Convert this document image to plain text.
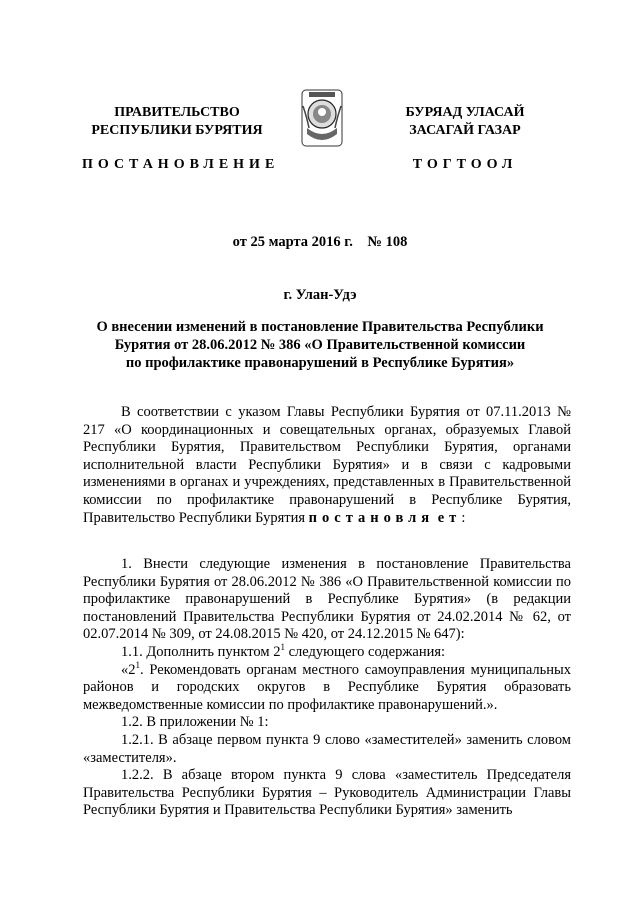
ПРАВИТЕЛЬСТВО
РЕСПУБЛИКИ БУРЯТИЯ
ПОСТАНОВЛЕНИЕ
БУРЯАД УЛАСАЙ
ЗАСАГАЙ ГАЗАР
ТОГТООЛ
от 25 марта 2016 г.    № 108
г. Улан-Удэ
О внесении изменений в постановление Правительства Республики
Бурятия от 28.06.2012 № 386 «О Правительственной комиссии
по профилактике правонарушений в Республике Бурятия»

В соответствии с указом Главы Республики Бурятия от 07.11.2013 № 217 «О координационных и совещательных органах, образуемых Главой Республики Бурятия, Правительством Республики Бурятия, органами исполнительной власти Республики Бурятия» и в связи с кадровыми изменениями в органах и учреждениях, представленных в Правительственной комиссии по профилактике правонарушений в Республике Бурятия, Правительство Республики Бурятия постановля ет:

1. Внести следующие изменения в постановление Правительства Республики Бурятия от 28.06.2012 № 386 «О Правительственной комиссии по профилактике правонарушений в Республике Бурятия» (в редакции постановлений Правительства Республики Бурятия от 24.02.2014 № 62, от 02.07.2014 № 309, от 24.08.2015 № 420, от 24.12.2015 № 647):

1.1. Дополнить пунктом $2^1$ следующего содержания:

«$2^1$. Рекомендовать органам местного самоуправления муниципальных районов и городских округов в Республике Бурятия образовать межведомственные комиссии по профилактике правонарушений.».

1.2. В приложении № 1:

1.2.1. В абзаце первом пункта 9 слово «заместителей» заменить словом «заместителя».

1.2.2. В абзаце втором пункта 9 слова «заместитель Председателя Правительства Республики Бурятия – Руководитель Администрации Главы Республики Бурятия и Правительства Республики Бурятия» заменить
